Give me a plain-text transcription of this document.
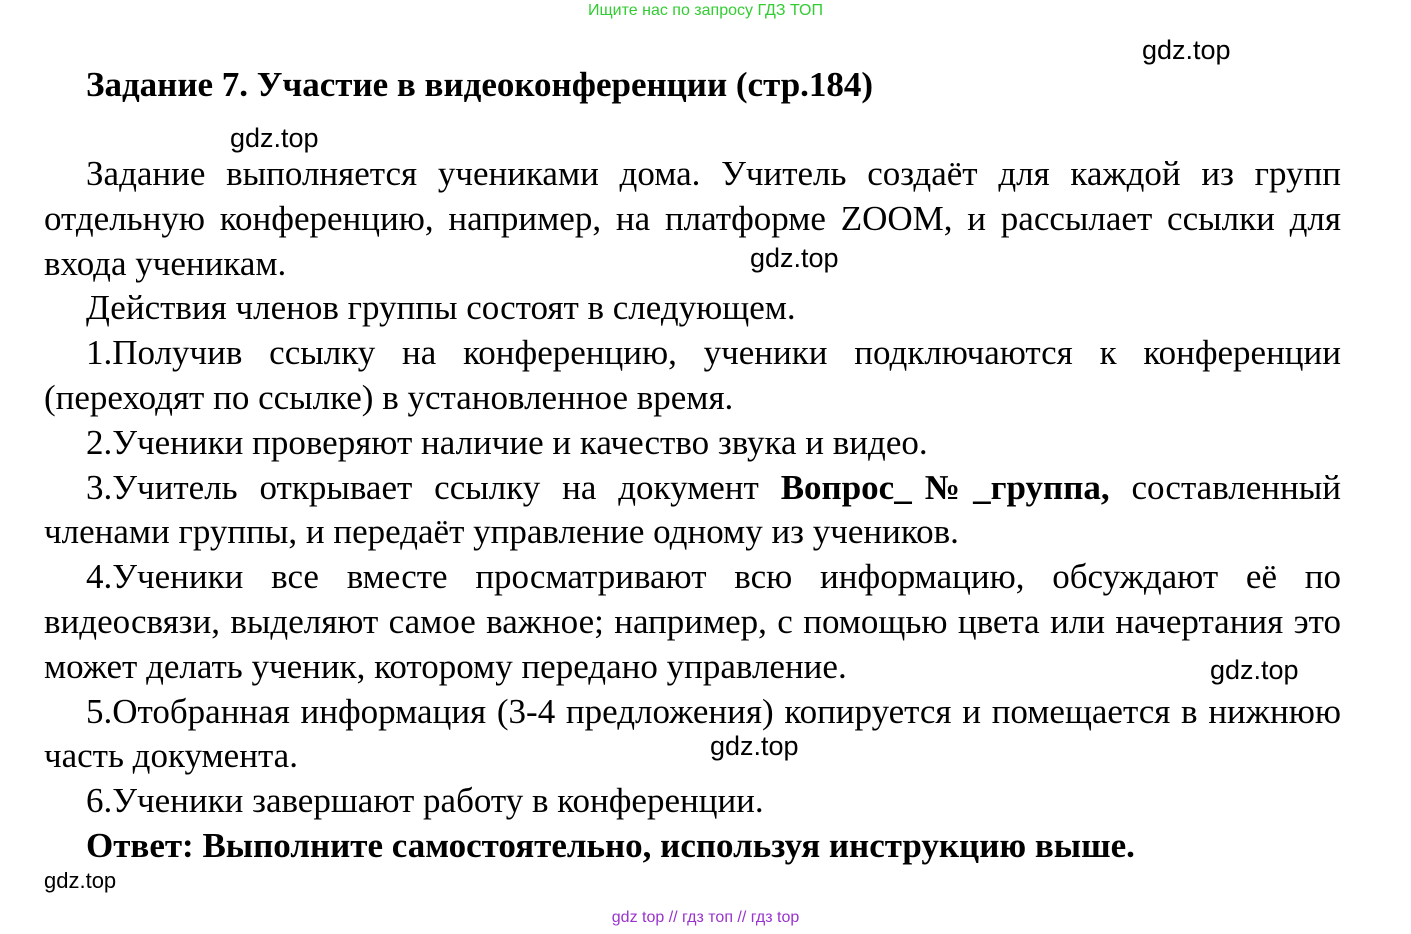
Ищите нас по запросу ГДЗ ТОП
gdz.top
gdz.top
gdz.top
gdz.top
gdz.top
gdz.top
Задание 7. Участие в видеоконференции (стр.184)

Задание выполняется учениками дома. Учитель создаёт для каждой из групп отдельную конференцию, например, на платформе ZOOM, и рассылает ссылки для входа ученикам.

Действия членов группы состоят в следующем.

1.Получив ссылку на конференцию, ученики подключаются к конференции (переходят по ссылке) в установленное время.

2.Ученики проверяют наличие и качество звука и видео.

3.Учитель открывает ссылку на документ Вопрос_№_группа, составленный членами группы, и передаёт управление одному из учеников.

4.Ученики все вместе просматривают всю информацию, обсуждают её по видеосвязи, выделяют самое важное; например, с помощью цвета или начертания это может делать ученик, которому передано управление.

5.Отобранная информация (3-4 предложения) копируется и помещается в нижнюю часть документа.

6.Ученики завершают работу в конференции.

Ответ: Выполните самостоятельно, используя инструкцию выше.

gdz top // гдз топ // гдз top
